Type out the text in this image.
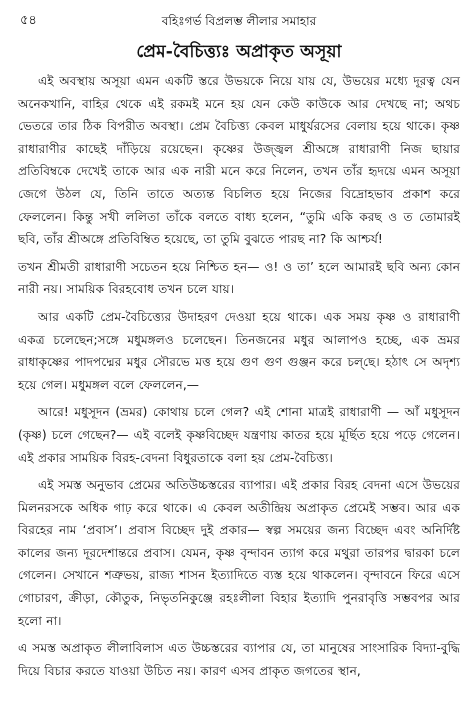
৫৪	বহিঃগর্ভ বিপ্রলম্ভ লীলার সমাহার
প্রেম-বৈচিত্ত্যঃ অপ্রাকৃত অসূয়া

এই অবস্থায় অসূয়া এমন একটি স্তরে উভয়কে নিয়ে যায় যে, উভয়ের মধ্যে দূরত্ব যেন অনেকখানি, বাহির থেকে এই রকমই মনে হয় যেন কেউ কাউকে আর দেখছে না; অথচ ভেতরে তার ঠিক বিপরীত অবস্থা। প্রেম বৈচিত্ত্য কেবল মাধুর্যরসের বেলায় হয়ে থাকে। কৃষ্ণ রাধারাণীর কাছেই দাঁড়িয়ে রয়েছেন। কৃষ্ণের উজ্জ্বল শ্রীঅঙ্গে রাধারাণী নিজ ছায়ার প্রতিবিম্বকে দেখেই তাকে আর এক নারী মনে করে নিলেন, তখন তাঁর হৃদয়ে এমন অসূয়া জেগে উঠল যে, তিনি তাতে অত্যন্ত বিচলিত হয়ে নিজের বিদ্রোহভাব প্রকাশ করে ফেললেন। কিন্তু সখী ললিতা তাঁকে বলতে বাধ্য হলেন, “তুমি একি করছ ও ত তোমারই ছবি, তাঁর শ্রীঅঙ্গে প্রতিবিম্বিত হয়েছে, তা তুমি বুঝতে পারছ না? কি আশ্চর্য!

তখন শ্রীমতী রাধারাণী সচেতন হয়ে নিশ্চিত হন— ও! ও তা’ হলে আমারই ছবি অন্য কোন নারী নয়। সাময়িক বিরহবোধ তখন চলে যায়।

আর একটি প্রেম-বৈচিত্ত্যের উদাহরণ দেওয়া হয়ে থাকে। এক সময় কৃষ্ণ ও রাধারাণী একত্র চলেছেন;সঙ্গে মধুমঙ্গলও চলেছেন। তিনজনের মধুর আলাপও হচ্ছে, এক ভ্রমর রাধাকৃষ্ণের পাদপদ্মের মধুর সৌরভে মত্ত হয়ে গুণ গুণ গুঞ্জন করে চল্‌ছে। হঠাৎ সে অদৃশ্য হয়ে গেল। মধুমঙ্গল বলে ফেললেন,—

আরে! মধুসূদন (ভ্রমর) কোথায় চলে গেল? এই শোনা মাত্রই রাধারাণী — আঁ মধুসূদন (কৃষ্ণ) চলে গেছেন?— এই বলেই কৃষ্ণবিচ্ছেদ যন্ত্রণায় কাতর হয়ে মূর্ছিত হয়ে পড়ে গেলেন। এই প্রকার সাময়িক বিরহ-বেদনা বিধুরতাকে বলা হয় প্রেম-বৈচিত্ত্য।

এই সমস্ত অনুভাব প্রেমের অতিউচ্চস্তরের ব্যাপার। এই প্রকার বিরহ বেদনা এসে উভয়ের মিলনরসকে অধিক গাঢ় করে থাকে। এ কেবল অতীন্দ্রিয় অপ্রাকৃত প্রেমেই সম্ভব। আর এক বিরহের নাম ‘প্রবাস’। প্রবাস বিচ্ছেদ দুই প্রকার— স্বল্প সময়ের জন্য বিচ্ছেদ এবং অনির্দিষ্ট কালের জন্য দূরদেশান্তরে প্রবাস। যেমন, কৃষ্ণ বৃন্দাবন ত্যাগ করে মথুরা তারপর দ্বারকা চলে গেলেন। সেখানে শত্রুভয়, রাজ্য শাসন ইত্যাদিতে ব্যস্ত হয়ে থাকলেন। বৃন্দাবনে ফিরে এসে গোচারণ, ক্রীড়া, কৌতুক, নিভৃতনিকুঞ্জে রহঃলীলা বিহার ইত্যাদি পুনরাবৃত্তি সম্ভবপর আর হলো না।

এ সমস্ত অপ্রাকৃত লীলাবিলাস এত উচ্চস্তরের ব্যাপার যে, তা মানুষের সাংসারিক বিদ্যা-বুদ্ধি দিয়ে বিচার করতে যাওয়া উচিত নয়। কারণ এসব প্রাকৃত জগতের স্থান,
